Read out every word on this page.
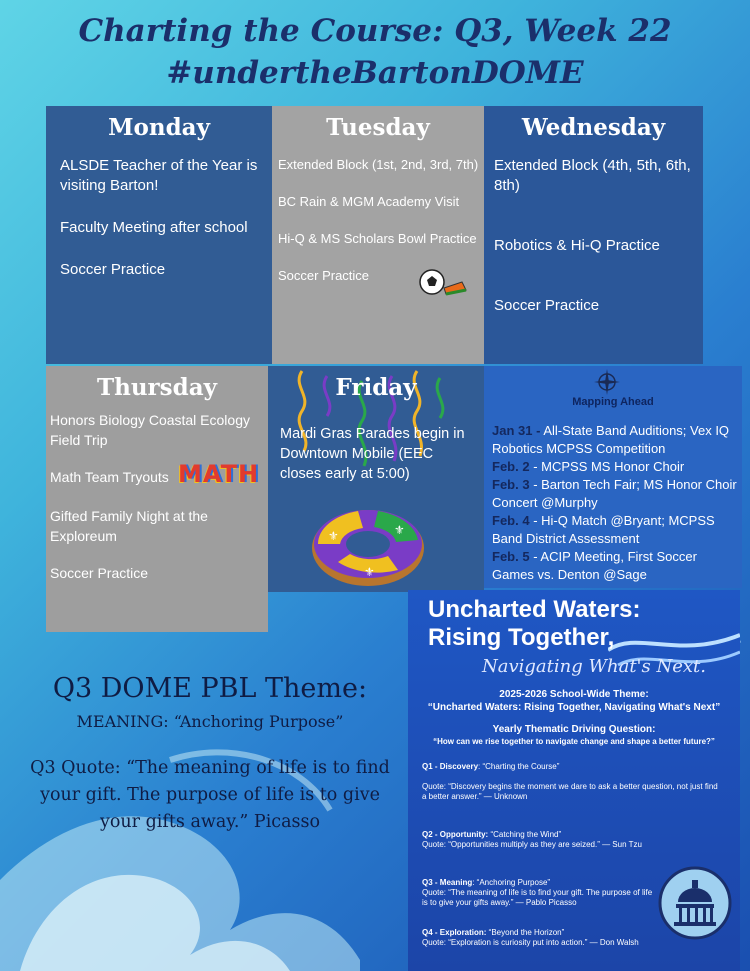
Charting the Course: Q3, Week 22
#undertheBartonDOME

Monday

ALSDE Teacher of the Year is visiting Barton!

Faculty Meeting after school

Soccer Practice

Tuesday

Extended Block (1st, 2nd, 3rd, 7th)

BC Rain & MGM Academy Visit

Hi-Q & MS Scholars Bowl Practice

Soccer Practice

Wednesday

Extended Block (4th, 5th, 6th, 8th)

Robotics & Hi-Q Practice

Soccer Practice

Thursday

Honors Biology Coastal Ecology Field Trip

Math Team Tryouts MATH

Gifted Family Night at the Exploreum

Soccer Practice

Friday

Mardi Gras Parades begin in Downtown Mobile (EEC closes early at 5:00)

⚜	⚜
⚜

Mapping Ahead

Jan 31 - All-State Band Auditions; Vex IQ Robotics MCPSS Competition

Feb. 2 - MCPSS MS Honor Choir

Feb. 3 - Barton Tech Fair; MS Honor Choir Concert @Murphy

Feb. 4 - Hi-Q Match @Bryant; MCPSS Band District Assessment

Feb. 5 - ACIP Meeting, First Soccer Games vs. Denton @Sage

Q3 DOME PBL Theme:
MEANING: “Anchoring Purpose”

Q3 Quote: “The meaning of life is to find your gift. The purpose of life is to give your gifts away.” Picasso

Uncharted Waters:

Rising Together,

Navigating What's Next.

2025-2026 School-Wide Theme:
“Uncharted Waters: Rising Together, Navigating What's Next”
Yearly Thematic Driving Question:
“How can we rise together to navigate change and shape a better future?”
Q1 - Discovery: “Charting the Course”
Quote: “Discovery begins the moment we dare to ask a better question, not just find a better answer.” — Unknown
Q2 - Opportunity: “Catching the Wind”
Quote: “Opportunities multiply as they are seized.” — Sun Tzu
Q3 - Meaning: “Anchoring Purpose”
Quote: “The meaning of life is to find your gift. The purpose of life is to give your gifts away.” — Pablo Picasso
Q4 - Exploration: “Beyond the Horizon”
Quote: “Exploration is curiosity put into action.” — Don Walsh
